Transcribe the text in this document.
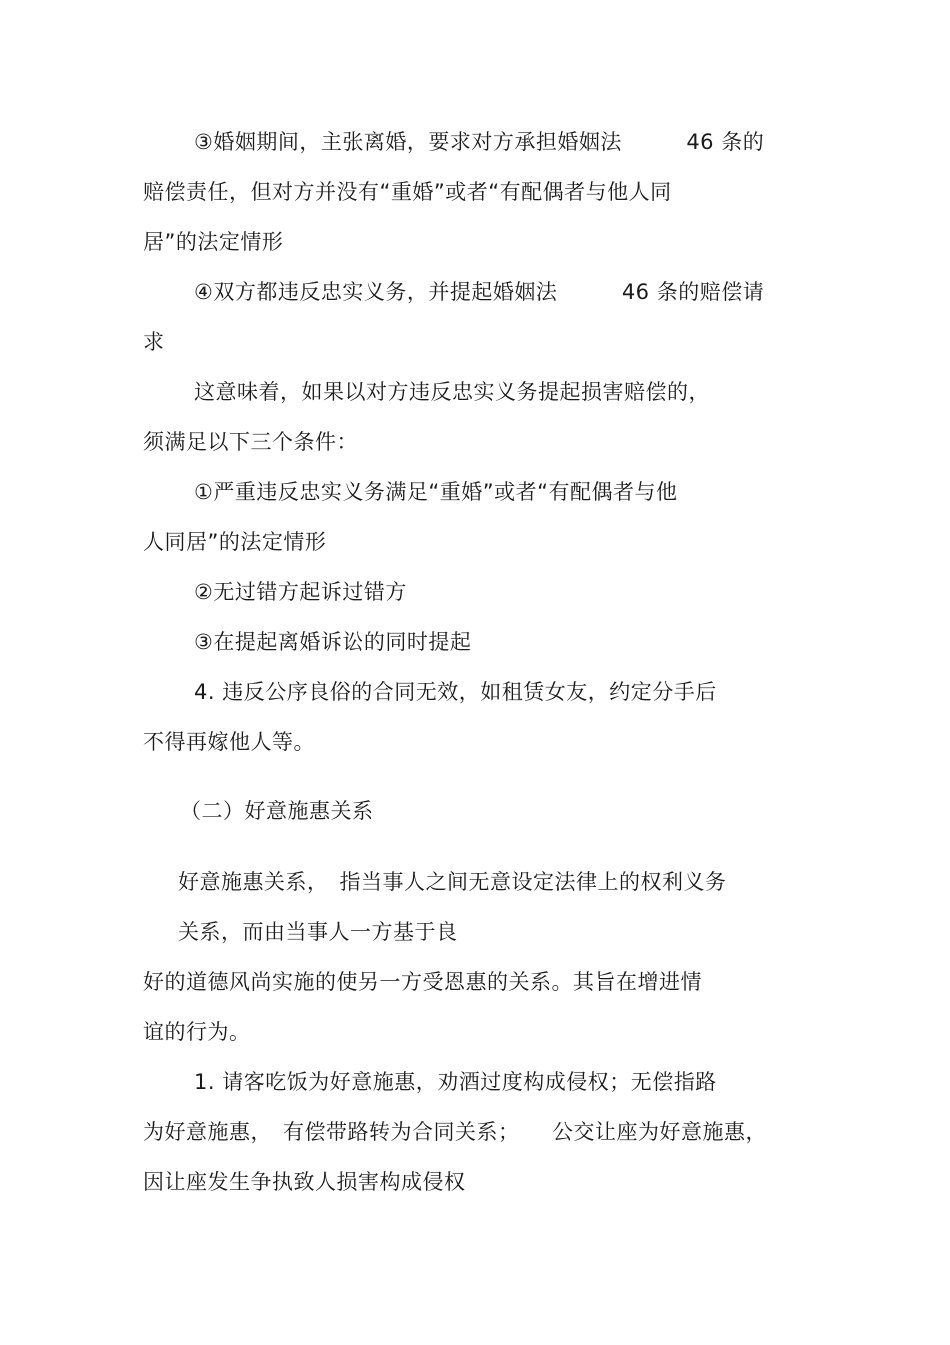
③婚姻期间，主张离婚，要求对方承担婚姻法　　　46 条的
赔偿责任，但对方并没有“重婚”或者“有配偶者与他人同
居”的法定情形
④双方都违反忠实义务，并提起婚姻法　　　46 条的赔偿请
求
这意味着，如果以对方违反忠实义务提起损害赔偿的，
须满足以下三个条件：
①严重违反忠实义务满足“重婚”或者“有配偶者与他
人同居”的法定情形
②无过错方起诉过错方
③在提起离婚诉讼的同时提起
4. 违反公序良俗的合同无效，如租赁女友，约定分手后
不得再嫁他人等。
（二）好意施惠关系
好意施惠关系，　指当事人之间无意设定法律上的权利义务
关系，而由当事人一方基于良
好的道德风尚实施的使另一方受恩惠的关系。其旨在增进情
谊的行为。
1. 请客吃饭为好意施惠，劝酒过度构成侵权；无偿指路
为好意施惠，　有偿带路转为合同关系；　　公交让座为好意施惠，
因让座发生争执致人损害构成侵权
